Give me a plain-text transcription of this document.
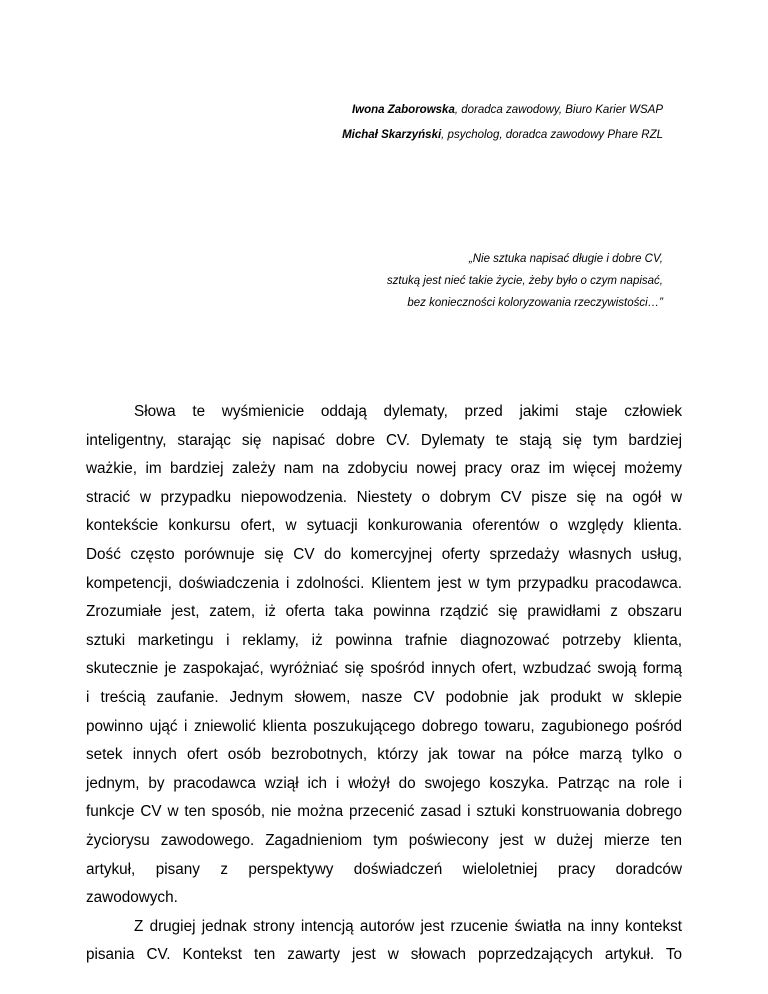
Iwona Zaborowska, doradca zawodowy, Biuro Karier WSAP
Michał Skarzyński, psycholog, doradca zawodowy Phare RZL
„Nie sztuka napisać długie i dobre CV,
sztuką jest nieć takie życie, żeby było o czym napisać,
bez konieczności koloryzowania rzeczywistości…”
Słowa te wyśmienicie oddają dylematy, przed jakimi staje człowiek
inteligentny, starając się napisać dobre CV. Dylematy te stają się tym bardziej
ważkie, im bardziej zależy nam na zdobyciu nowej pracy oraz im więcej możemy
stracić w przypadku niepowodzenia. Niestety o dobrym CV pisze się na ogół w
kontekście konkursu ofert, w sytuacji konkurowania oferentów o względy klienta.
Dość często porównuje się CV do komercyjnej oferty sprzedaży własnych usług,
kompetencji, doświadczenia i zdolności. Klientem jest w tym przypadku pracodawca.
Zrozumiałe jest, zatem, iż oferta taka powinna rządzić się prawidłami z obszaru
sztuki marketingu i reklamy, iż powinna trafnie diagnozować potrzeby klienta,
skutecznie je zaspokajać, wyróżniać się spośród innych ofert, wzbudzać swoją formą
i treścią zaufanie. Jednym słowem, nasze CV podobnie jak produkt w sklepie
powinno ująć i zniewolić klienta poszukującego dobrego towaru, zagubionego pośród
setek innych ofert osób bezrobotnych, którzy jak towar na półce marzą tylko o
jednym, by pracodawca wziął ich i włożył do swojego koszyka. Patrząc na role i
funkcje CV w ten sposób, nie można przecenić zasad i sztuki konstruowania dobrego
życiorysu zawodowego. Zagadnieniom tym poświecony jest w dużej mierze ten
artykuł, pisany z perspektywy doświadczeń wieloletniej pracy doradców
zawodowych.
Z drugiej jednak strony intencją autorów jest rzucenie światła na inny kontekst
pisania CV. Kontekst ten zawarty jest w słowach poprzedzających artykuł. To
